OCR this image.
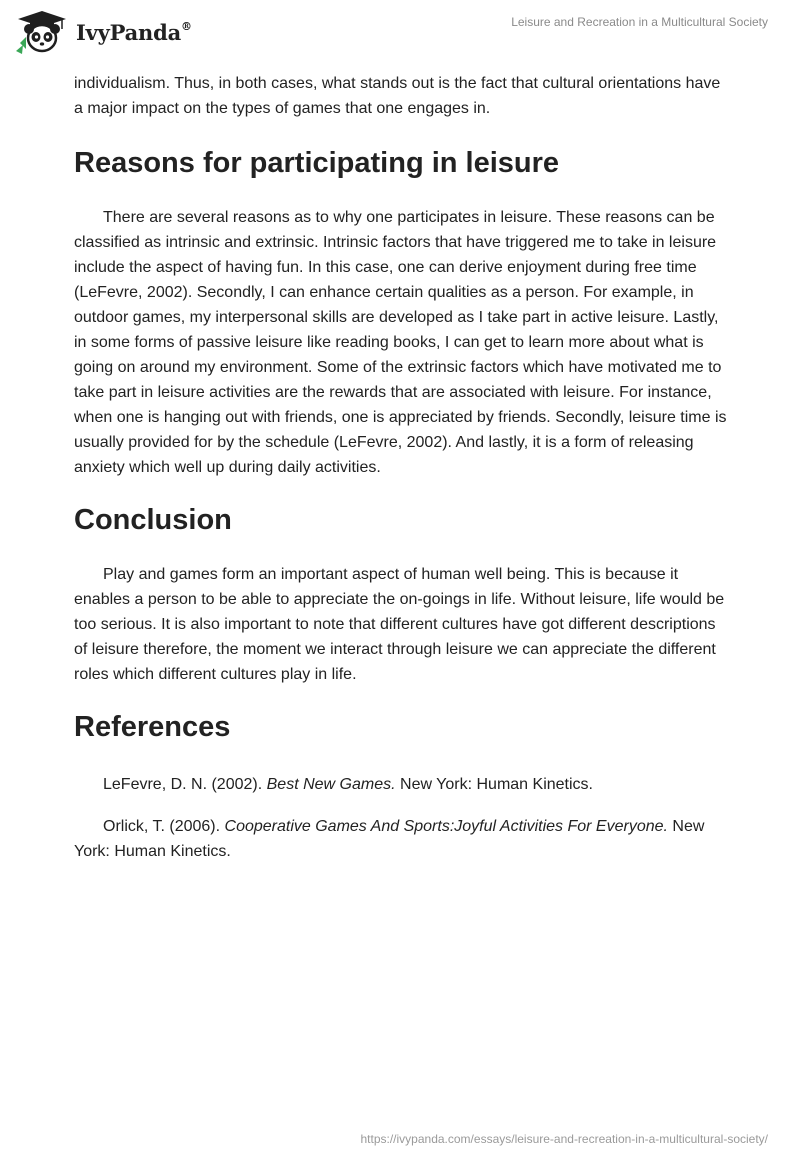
IvyPanda®	Leisure and Recreation in a Multicultural Society

individualism. Thus, in both cases, what stands out is the fact that cultural orientations have a major impact on the types of games that one engages in.

Reasons for participating in leisure

There are several reasons as to why one participates in leisure. These reasons can be classified as intrinsic and extrinsic. Intrinsic factors that have triggered me to take in leisure include the aspect of having fun. In this case, one can derive enjoyment during free time (LeFevre, 2002). Secondly, I can enhance certain qualities as a person. For example, in outdoor games, my interpersonal skills are developed as I take part in active leisure. Lastly, in some forms of passive leisure like reading books, I can get to learn more about what is going on around my environment. Some of the extrinsic factors which have motivated me to take part in leisure activities are the rewards that are associated with leisure. For instance, when one is hanging out with friends, one is appreciated by friends. Secondly, leisure time is usually provided for by the schedule (LeFevre, 2002). And lastly, it is a form of releasing anxiety which well up during daily activities.

Conclusion

Play and games form an important aspect of human well being. This is because it enables a person to be able to appreciate the on-goings in life. Without leisure, life would be too serious. It is also important to note that different cultures have got different descriptions of leisure therefore, the moment we interact through leisure we can appreciate the different roles which different cultures play in life.

References

LeFevre, D. N. (2002). Best New Games. New York: Human Kinetics.

Orlick, T. (2006). Cooperative Games And Sports:Joyful Activities For Everyone. New York: Human Kinetics.

https://ivypanda.com/essays/leisure-and-recreation-in-a-multicultural-society/
